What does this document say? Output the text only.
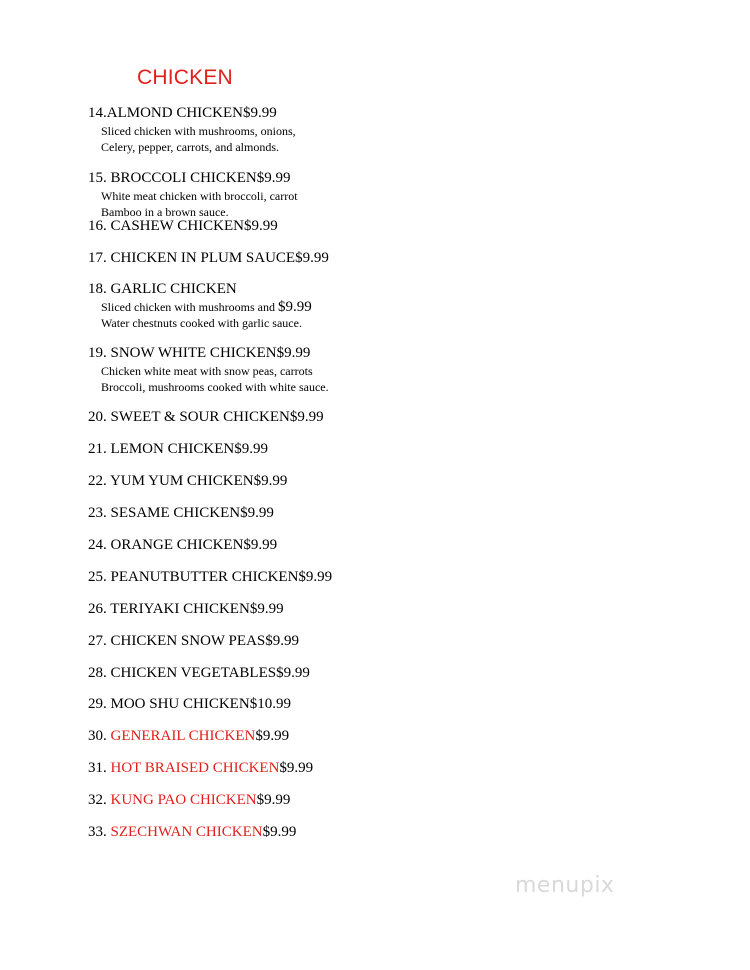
CHICKEN
14.ALMOND CHICKEN$9.99
Sliced chicken with mushrooms, onions,
Celery, pepper, carrots, and almonds.
15. BROCCOLI CHICKEN$9.99
White meat chicken with broccoli, carrot
Bamboo in a brown sauce.
16. CASHEW CHICKEN$9.99
17. CHICKEN IN PLUM SAUCE$9.99
18. GARLIC CHICKEN
Sliced chicken with mushrooms and $9.99
Water chestnuts cooked with garlic sauce.
19. SNOW WHITE CHICKEN$9.99
Chicken white meat with snow peas, carrots
Broccoli, mushrooms cooked with white sauce.
20. SWEET & SOUR CHICKEN$9.99
21. LEMON CHICKEN$9.99
22. YUM YUM CHICKEN$9.99
23. SESAME CHICKEN$9.99
24. ORANGE CHICKEN$9.99
25. PEANUTBUTTER CHICKEN$9.99
26. TERIYAKI CHICKEN$9.99
27. CHICKEN SNOW PEAS$9.99
28. CHICKEN VEGETABLES$9.99
29. MOO SHU CHICKEN$10.99
30. GENERAIL CHICKEN$9.99
31. HOT BRAISED CHICKEN$9.99
32. KUNG PAO CHICKEN$9.99
33. SZECHWAN CHICKEN$9.99
menupix
